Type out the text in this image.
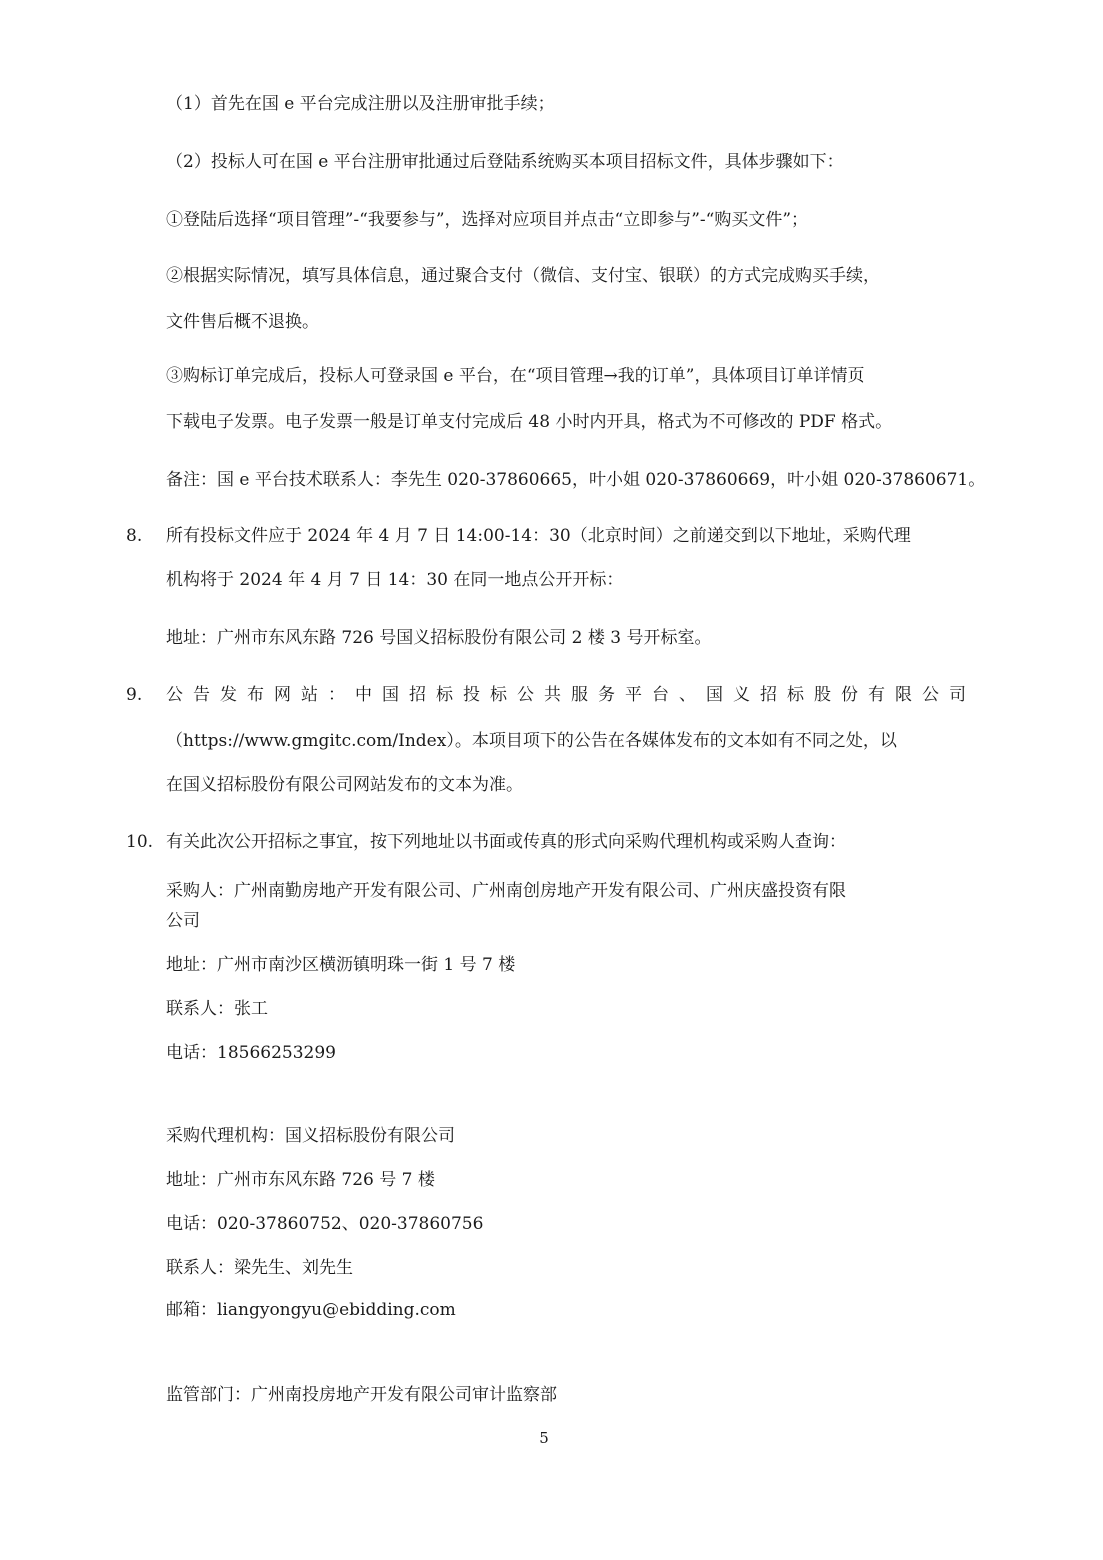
（1）首先在国 e 平台完成注册以及注册审批手续；
（2）投标人可在国 e 平台注册审批通过后登陆系统购买本项目招标文件，具体步骤如下：
①登陆后选择“项目管理”-“我要参与”，选择对应项目并点击“立即参与”-“购买文件”；
②根据实际情况，填写具体信息，通过聚合支付（微信、支付宝、银联）的方式完成购买手续，
文件售后概不退换。
③购标订单完成后，投标人可登录国 e 平台，在“项目管理→我的订单”，具体项目订单详情页
下载电子发票。电子发票一般是订单支付完成后 48 小时内开具，格式为不可修改的 PDF 格式。
备注：国 e 平台技术联系人：李先生 020-37860665，叶小姐 020-37860669，叶小姐 020-37860671。
8. 所有投标文件应于 2024 年 4 月 7 日 14:00-14：30（北京时间）之前递交到以下地址，采购代理
机构将于 2024 年 4 月 7 日 14：30 在同一地点公开开标：
地址：广州市东风东路 726 号国义招标股份有限公司 2 楼 3 号开标室。
9. 公告发布网站：中国招标投标公共服务平台、国义招标股份有限公司
（https://www.gmgitc.com/Index）。本项目项下的公告在各媒体发布的文本如有不同之处，以
在国义招标股份有限公司网站发布的文本为准。
10. 有关此次公开招标之事宜，按下列地址以书面或传真的形式向采购代理机构或采购人查询：
采购人：广州南勤房地产开发有限公司、广州南创房地产开发有限公司、广州庆盛投资有限
公司
地址：广州市南沙区横沥镇明珠一街 1 号 7 楼
联系人：张工
电话：18566253299
采购代理机构：国义招标股份有限公司
地址：广州市东风东路 726 号 7 楼
电话：020-37860752、020-37860756
联系人：梁先生、刘先生
邮箱：liangyongyu@ebidding.com
监管部门：广州南投房地产开发有限公司审计监察部
5
